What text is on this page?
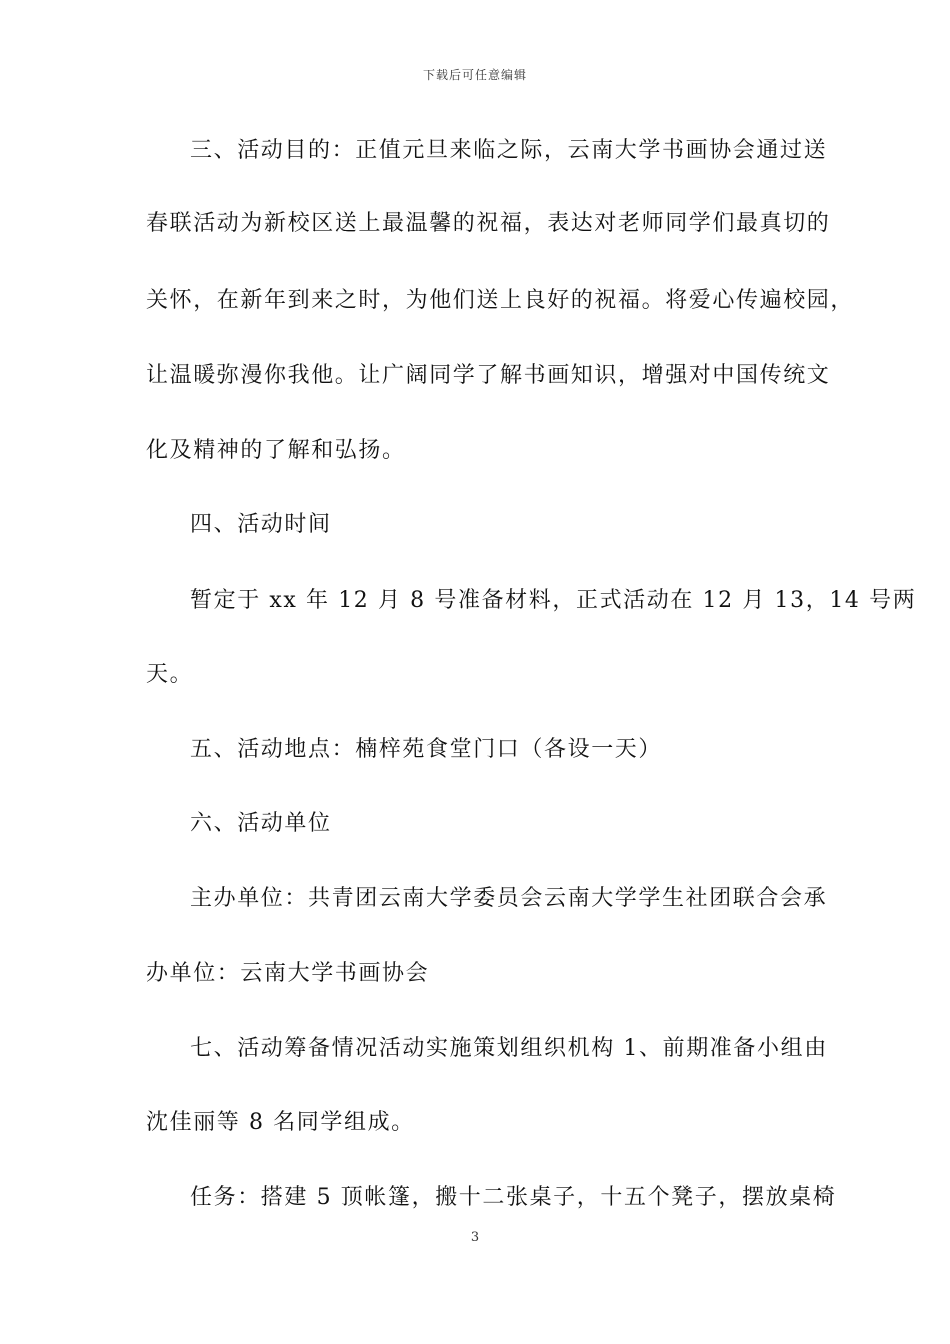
下载后可任意编辑
三、活动目的：正值元旦来临之际，云南大学书画协会通过送
春联活动为新校区送上最温馨的祝福，表达对老师同学们最真切的
关怀，在新年到来之时，为他们送上良好的祝福。将爱心传遍校园，
让温暖弥漫你我他。让广阔同学了解书画知识，增强对中国传统文
化及精神的了解和弘扬。
四、活动时间
暂定于 xx 年 12 月 8 号准备材料，正式活动在 12 月 13，14 号两
天。
五、活动地点：楠梓苑食堂门口（各设一天）
六、活动单位
主办单位：共青团云南大学委员会云南大学学生社团联合会承
办单位：云南大学书画协会
七、活动筹备情况活动实施策划组织机构 1、前期准备小组由
沈佳丽等 8 名同学组成。
任务：搭建 5 顶帐篷，搬十二张桌子，十五个凳子，摆放桌椅
3
